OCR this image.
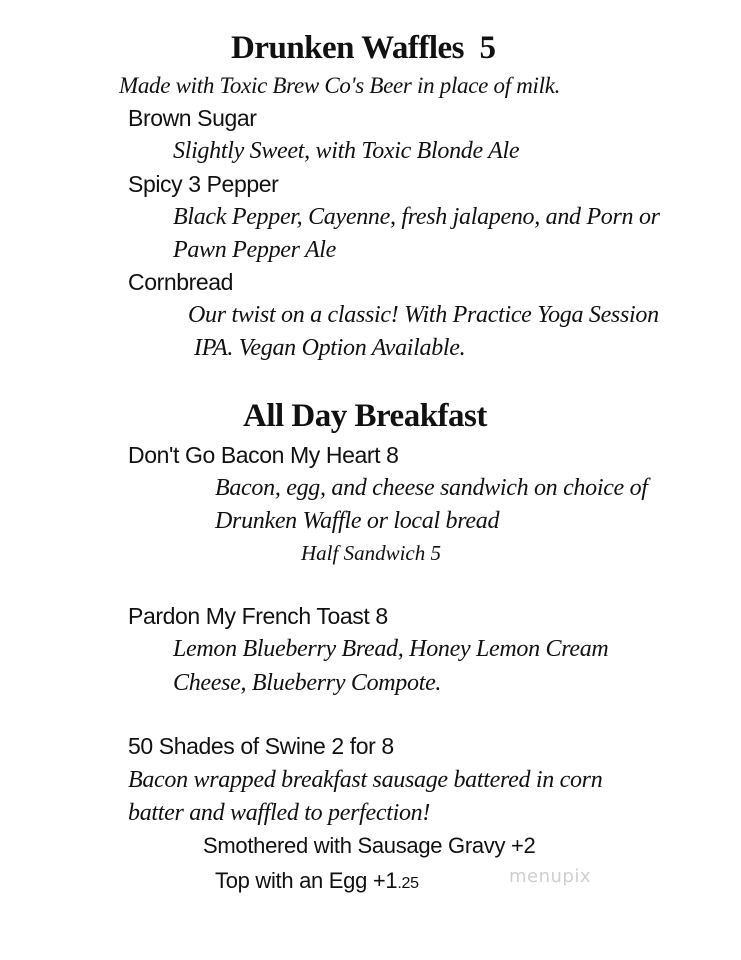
Drunken Waffles 5
Made with Toxic Brew Co's Beer in place of milk.
Brown Sugar
Slightly Sweet, with Toxic Blonde Ale
Spicy 3 Pepper
Black Pepper, Cayenne, fresh jalapeno, and Porn or
Pawn Pepper Ale
Cornbread
Our twist on a classic! With Practice Yoga Session
IPA. Vegan Option Available.
All Day Breakfast
Don't Go Bacon My Heart 8
Bacon, egg, and cheese sandwich on choice of
Drunken Waffle or local bread
Half Sandwich 5
Pardon My French Toast 8
Lemon Blueberry Bread, Honey Lemon Cream
Cheese, Blueberry Compote.
50 Shades of Swine 2 for 8
Bacon wrapped breakfast sausage battered in corn
batter and waffled to perfection!
Smothered with Sausage Gravy +2
Top with an Egg +1.25	menupix
